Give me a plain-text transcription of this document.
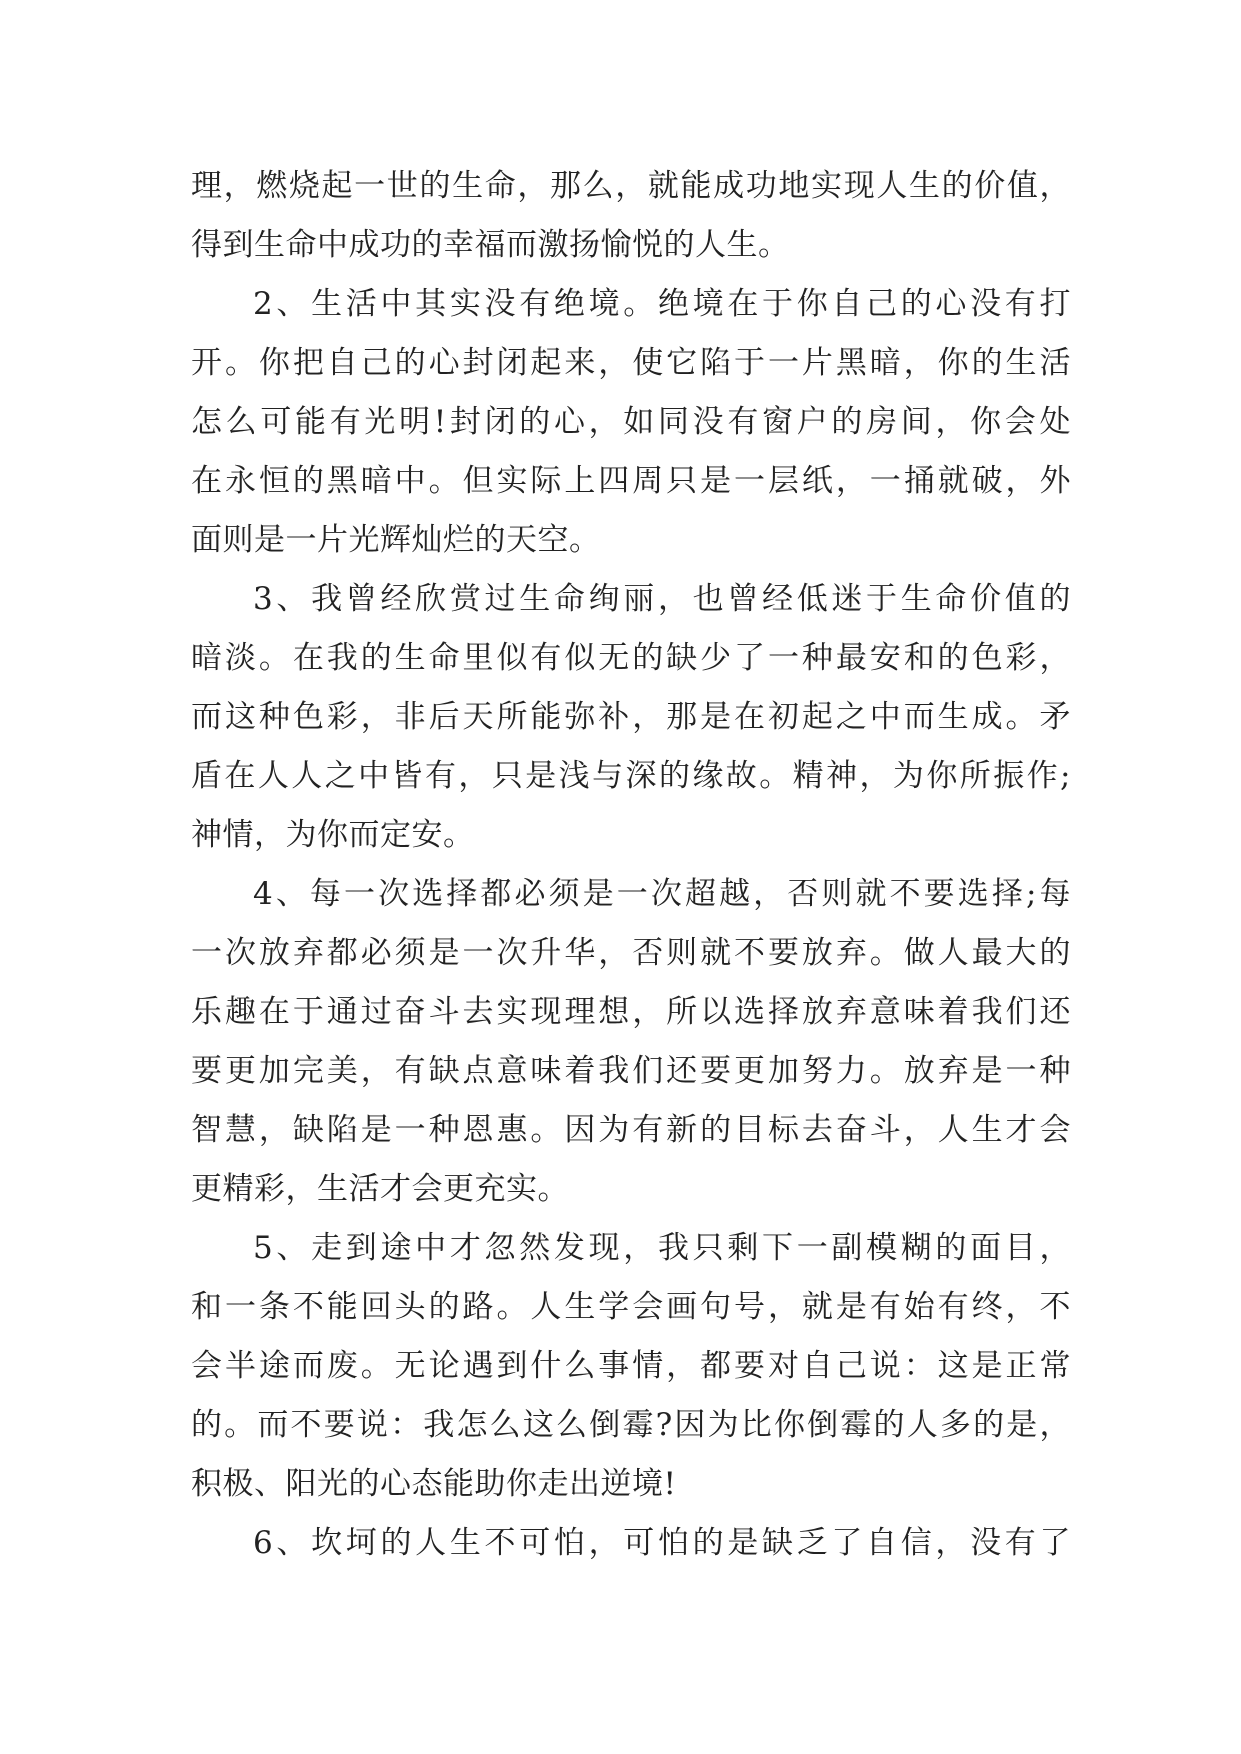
理，燃烧起一世的生命，那么，就能成功地实现人生的价值，
得到生命中成功的幸福而激扬愉悦的人生。
2、生活中其实没有绝境。绝境在于你自己的心没有打
开。你把自己的心封闭起来，使它陷于一片黑暗，你的生活
怎么可能有光明!封闭的心，如同没有窗户的房间，你会处
在永恒的黑暗中。但实际上四周只是一层纸，一捅就破，外
面则是一片光辉灿烂的天空。
3、我曾经欣赏过生命绚丽，也曾经低迷于生命价值的
暗淡。在我的生命里似有似无的缺少了一种最安和的色彩，
而这种色彩，非后天所能弥补，那是在初起之中而生成。矛
盾在人人之中皆有，只是浅与深的缘故。精神，为你所振作;
神情，为你而定安。
4、每一次选择都必须是一次超越，否则就不要选择;每
一次放弃都必须是一次升华，否则就不要放弃。做人最大的
乐趣在于通过奋斗去实现理想，所以选择放弃意味着我们还
要更加完美，有缺点意味着我们还要更加努力。放弃是一种
智慧，缺陷是一种恩惠。因为有新的目标去奋斗，人生才会
更精彩，生活才会更充实。
5、走到途中才忽然发现，我只剩下一副模糊的面目，
和一条不能回头的路。人生学会画句号，就是有始有终，不
会半途而废。无论遇到什么事情，都要对自己说：这是正常
的。而不要说：我怎么这么倒霉?因为比你倒霉的人多的是，
积极、阳光的心态能助你走出逆境!
6、坎坷的人生不可怕，可怕的是缺乏了自信，没有了
